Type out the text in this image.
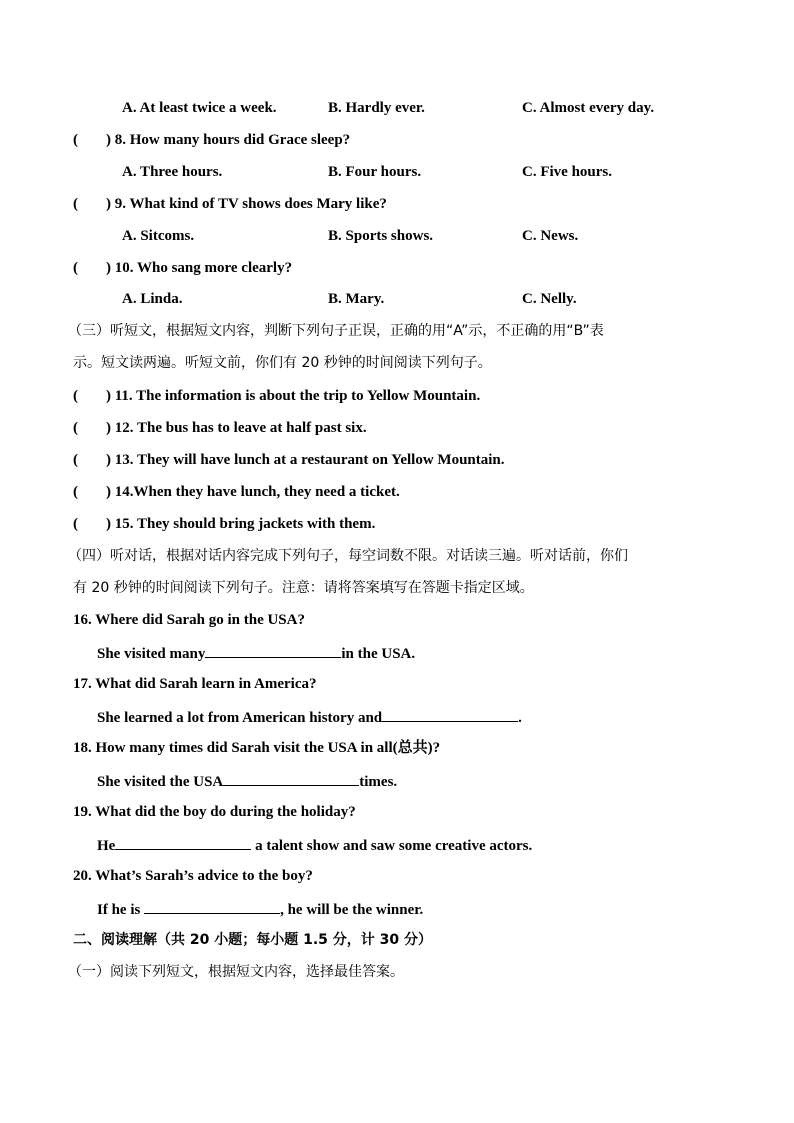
A. At least twice a week.	B. Hardly ever.	C. Almost every day.
( ) 8. How many hours did Grace sleep?
A. Three hours.	B. Four hours.	C. Five hours.
( ) 9. What kind of TV shows does Mary like?
A. Sitcoms.	B. Sports shows.	C. News.
( ) 10. Who sang more clearly?
A. Linda.	B. Mary.	C. Nelly.
（三）听短文，根据短文内容，判断下列句子正误，正确的用“A”示，不正确的用“B”表
示。短文读两遍。听短文前，你们有 20 秒钟的时间阅读下列句子。
( ) 11. The information is about the trip to Yellow Mountain.
( ) 12. The bus has to leave at half past six.
( ) 13. They will have lunch at a restaurant on Yellow Mountain.
( ) 14.When they have lunch, they need a ticket.
( ) 15. They should bring jackets with them.
（四）听对话，根据对话内容完成下列句子，每空词数不限。对话读三遍。听对话前，你们
有 20 秒钟的时间阅读下列句子。注意：请将答案填写在答题卡指定区域。
16. Where did Sarah go in the USA?
She visited many	in the USA.
17. What did Sarah learn in America?
She learned a lot from American history and	.
18. How many times did Sarah visit the USA in all(总共)?
She visited the USA	times.
19. What did the boy do during the holiday?
He	a talent show and saw some creative actors.
20. What’s Sarah’s advice to the boy?
If he is	, he will be the winner.
二、阅读理解（共 20 小题；每小题 1.5 分，计 30 分）
（一）阅读下列短文，根据短文内容，选择最佳答案。
